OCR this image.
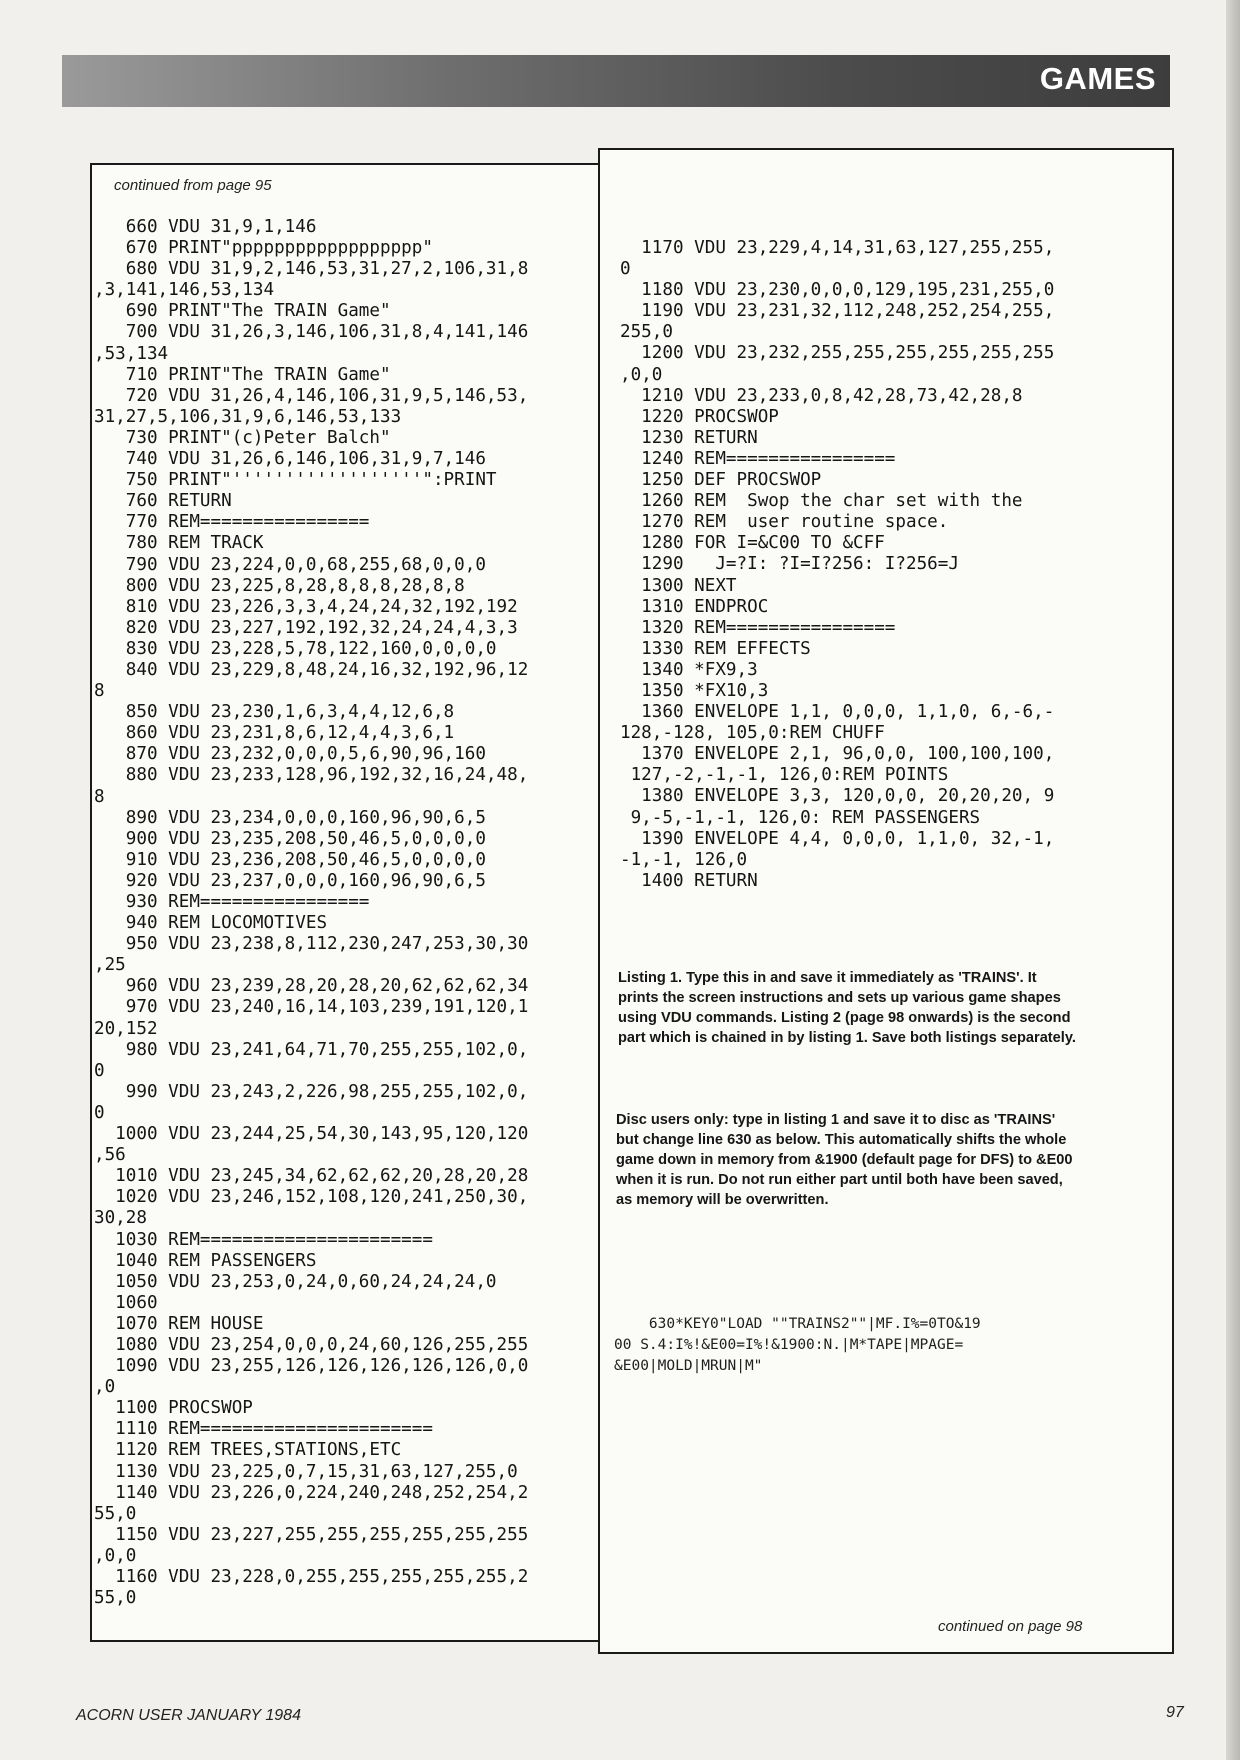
GAMES
continued from page 95
660 VDU 31,9,1,146
670 PRINT"pppppppppppppppppp"
680 VDU 31,9,2,146,53,31,27,2,106,31,8
,3,141,146,53,134
690 PRINT"The TRAIN Game"
700 VDU 31,26,3,146,106,31,8,4,141,146
,53,134
710 PRINT"The TRAIN Game"
720 VDU 31,26,4,146,106,31,9,5,146,53,
31,27,5,106,31,9,6,146,53,133
730 PRINT"(c)Peter Balch"
740 VDU 31,26,6,146,106,31,9,7,146
750 PRINT"''''''''''''''''''":PRINT
760 RETURN
770 REM================
780 REM TRACK
790 VDU 23,224,0,0,68,255,68,0,0,0
800 VDU 23,225,8,28,8,8,8,28,8,8
810 VDU 23,226,3,3,4,24,24,32,192,192
820 VDU 23,227,192,192,32,24,24,4,3,3
830 VDU 23,228,5,78,122,160,0,0,0,0
840 VDU 23,229,8,48,24,16,32,192,96,12
8
850 VDU 23,230,1,6,3,4,4,12,6,8
860 VDU 23,231,8,6,12,4,4,3,6,1
870 VDU 23,232,0,0,0,5,6,90,96,160
880 VDU 23,233,128,96,192,32,16,24,48,
8
890 VDU 23,234,0,0,0,160,96,90,6,5
900 VDU 23,235,208,50,46,5,0,0,0,0
910 VDU 23,236,208,50,46,5,0,0,0,0
920 VDU 23,237,0,0,0,160,96,90,6,5
930 REM================
940 REM LOCOMOTIVES
950 VDU 23,238,8,112,230,247,253,30,30
,25
960 VDU 23,239,28,20,28,20,62,62,62,34
970 VDU 23,240,16,14,103,239,191,120,1
20,152
980 VDU 23,241,64,71,70,255,255,102,0,
0
990 VDU 23,243,2,226,98,255,255,102,0,
0
1000 VDU 23,244,25,54,30,143,95,120,120
,56
1010 VDU 23,245,34,62,62,62,20,28,20,28
1020 VDU 23,246,152,108,120,241,250,30,
30,28
1030 REM======================
1040 REM PASSENGERS
1050 VDU 23,253,0,24,0,60,24,24,24,0
1060
1070 REM HOUSE
1080 VDU 23,254,0,0,0,24,60,126,255,255
1090 VDU 23,255,126,126,126,126,126,0,0
,0
1100 PROCSWOP
1110 REM======================
1120 REM TREES,STATIONS,ETC
1130 VDU 23,225,0,7,15,31,63,127,255,0
1140 VDU 23,226,0,224,240,248,252,254,2
55,0
1150 VDU 23,227,255,255,255,255,255,255
,0,0
1160 VDU 23,228,0,255,255,255,255,255,2
55,0
1170 VDU 23,229,4,14,31,63,127,255,255,
0
1180 VDU 23,230,0,0,0,129,195,231,255,0
1190 VDU 23,231,32,112,248,252,254,255,
255,0
1200 VDU 23,232,255,255,255,255,255,255
,0,0
1210 VDU 23,233,0,8,42,28,73,42,28,8
1220 PROCSWOP
1230 RETURN
1240 REM================
1250 DEF PROCSWOP
1260 REM  Swop the char set with the
1270 REM  user routine space.
1280 FOR I=&C00 TO &CFF
1290   J=?I: ?I=I?256: I?256=J
1300 NEXT
1310 ENDPROC
1320 REM================
1330 REM EFFECTS
1340 *FX9,3
1350 *FX10,3
1360 ENVELOPE 1,1, 0,0,0, 1,1,0, 6,-6,-
128,-128, 105,0:REM CHUFF
1370 ENVELOPE 2,1, 96,0,0, 100,100,100,
127,-2,-1,-1, 126,0:REM POINTS
1380 ENVELOPE 3,3, 120,0,0, 20,20,20, 9
9,-5,-1,-1, 126,0: REM PASSENGERS
1390 ENVELOPE 4,4, 0,0,0, 1,1,0, 32,-1,
-1,-1, 126,0
1400 RETURN
Listing 1. Type this in and save it immediately as 'TRAINS'. It prints the screen instructions and sets up various game shapes using VDU commands. Listing 2 (page 98 onwards) is the second part which is chained in by listing 1. Save both listings separately.
Disc users only: type in listing 1 and save it to disc as 'TRAINS' but change line 630 as below. This automatically shifts the whole game down in memory from &1900 (default page for DFS) to &E00 when it is run. Do not run either part until both have been saved, as memory will be overwritten.
630*KEY0"LOAD ""TRAINS2""|MF.I%=0TO&19
00 S.4:I%!&E00=I%!&1900:N.|M*TAPE|MPAGE=
&E00|MOLD|MRUN|M"
continued on page 98
ACORN USER JANUARY 1984	97
